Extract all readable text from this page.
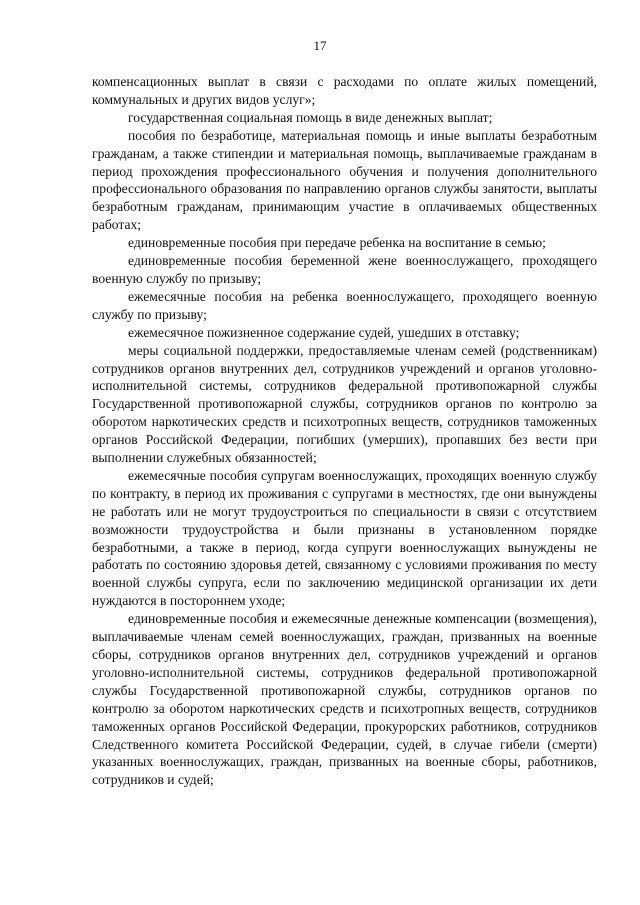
17

компенсационных выплат в связи с расходами по оплате жилых помещений, коммунальных и других видов услуг»;

государственная социальная помощь в виде денежных выплат;

пособия по безработице, материальная помощь и иные выплаты безработным гражданам, а также стипендии и материальная помощь, выплачиваемые гражданам в период прохождения профессионального обучения и получения дополнительного профессионального образования по направлению органов службы занятости, выплаты безработным гражданам, принимающим участие в оплачиваемых общественных работах;

единовременные пособия при передаче ребенка на воспитание в семью;

единовременные пособия беременной жене военнослужащего, проходящего военную службу по призыву;

ежемесячные пособия на ребенка военнослужащего, проходящего военную службу по призыву;

ежемесячное пожизненное содержание судей, ушедших в отставку;

меры социальной поддержки, предоставляемые членам семей (родственникам) сотрудников органов внутренних дел, сотрудников учреждений и органов уголовно-исполнительной системы, сотрудников федеральной противопожарной службы Государственной противопожарной службы, сотрудников органов по контролю за оборотом наркотических средств и психотропных веществ, сотрудников таможенных органов Российской Федерации, погибших (умерших), пропавших без вести при выполнении служебных обязанностей;

ежемесячные пособия супругам военнослужащих, проходящих военную службу по контракту, в период их проживания с супругами в местностях, где они вынуждены не работать или не могут трудоустроиться по специальности в связи с отсутствием возможности трудоустройства и были признаны в установленном порядке безработными, а также в период, когда супруги военнослужащих вынуждены не работать по состоянию здоровья детей, связанному с условиями проживания по месту военной службы супруга, если по заключению медицинской организации их дети нуждаются в постороннем уходе;

единовременные пособия и ежемесячные денежные компенсации (возмещения), выплачиваемые членам семей военнослужащих, граждан, призванных на военные сборы, сотрудников органов внутренних дел, сотрудников учреждений и органов уголовно-исполнительной системы, сотрудников федеральной противопожарной службы Государственной противопожарной службы, сотрудников органов по контролю за оборотом наркотических средств и психотропных веществ, сотрудников таможенных органов Российской Федерации, прокурорских работников, сотрудников Следственного комитета Российской Федерации, судей, в случае гибели (смерти) указанных военнослужащих, граждан, призванных на военные сборы, работников, сотрудников и судей;
